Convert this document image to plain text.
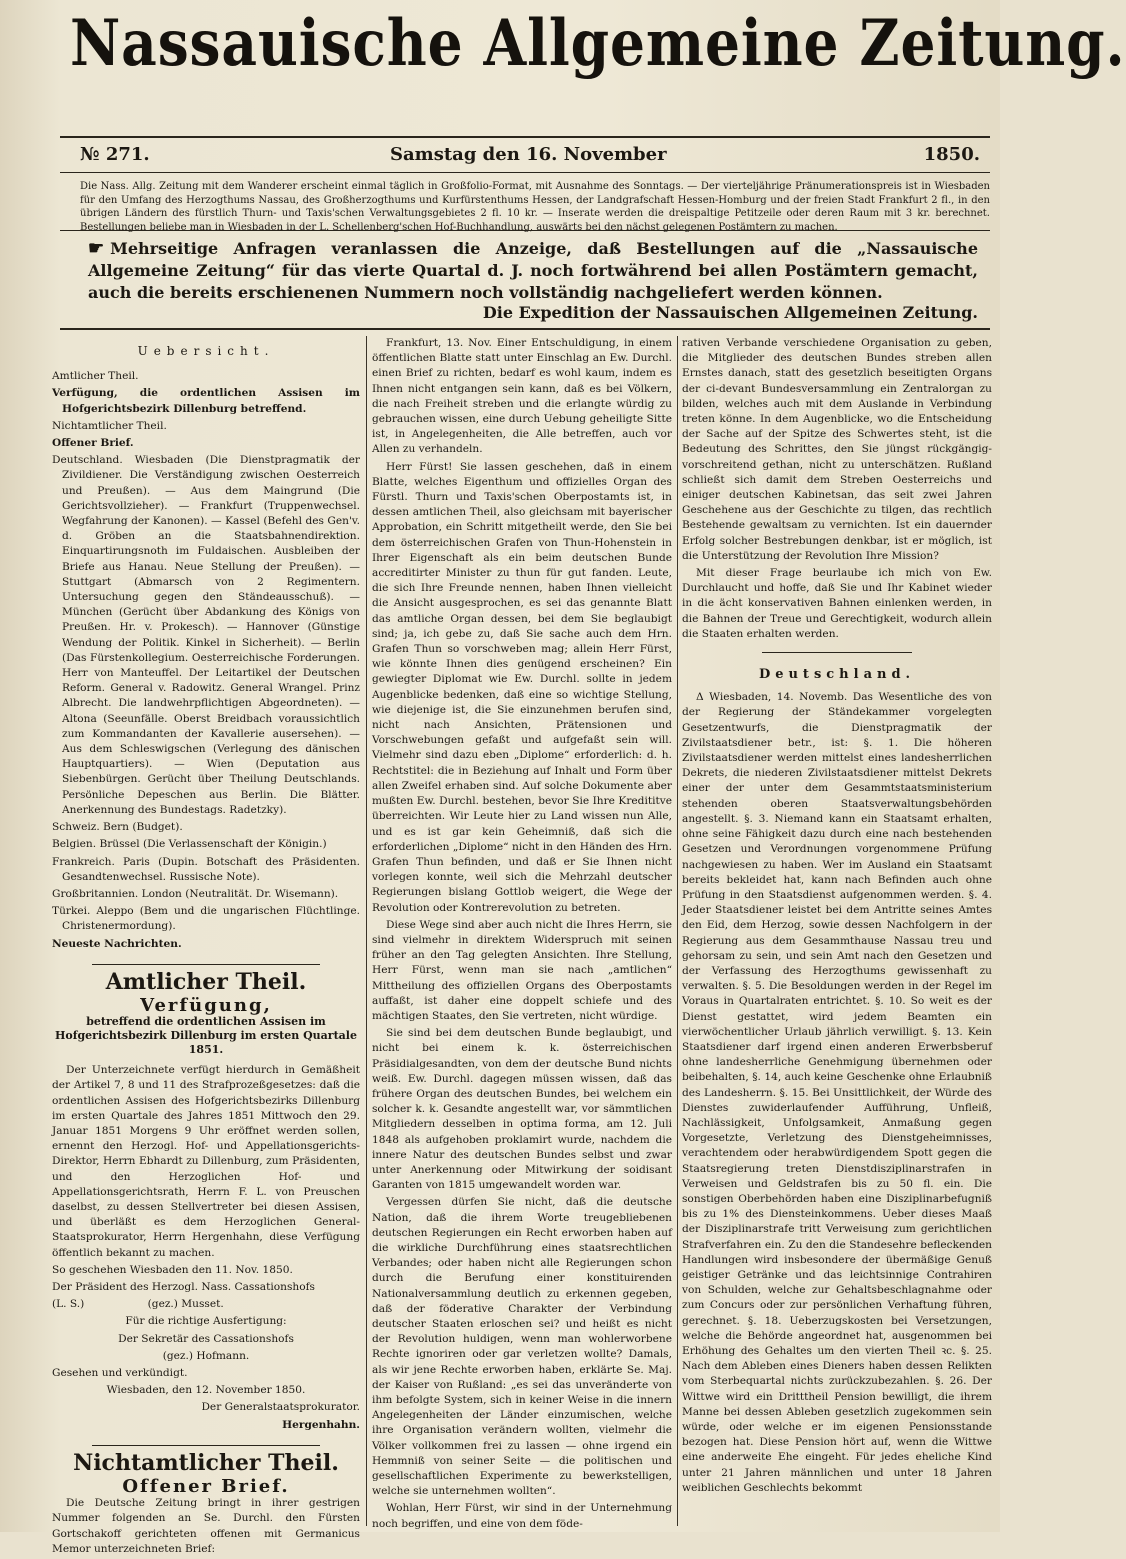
Nassauische Allgemeine Zeitung.
№ 271.	Samstag den 16. November	1850.
Die Nass. Allg. Zeitung mit dem Wanderer erscheint einmal täglich in Großfolio-Format, mit Ausnahme des Sonntags. — Der vierteljährige Pränumerationspreis ist in Wiesbaden für den Umfang des Herzogthums Nassau, des Großherzogthums und Kurfürstenthums Hessen, der Landgrafschaft Hessen-Homburg und der freien Stadt Frankfurt 2 fl., in den übrigen Ländern des fürstlich Thurn- und Taxis'schen Verwaltungsgebietes 2 fl. 10 kr. — Inserate werden die dreispaltige Petitzeile oder deren Raum mit 3 kr. berechnet. Bestellungen beliebe man in Wiesbaden in der L. Schellenberg'schen Hof-Buchhandlung, auswärts bei den nächst gelegenen Postämtern zu machen.
☛ Mehrseitige Anfragen veranlassen die Anzeige, daß Bestellungen auf die „Nassauische Allgemeine Zeitung“ für das vierte Quartal d. J. noch fortwährend bei allen Postämtern gemacht, auch die bereits erschienenen Nummern noch vollständig nachgeliefert werden können.
Die Expedition der Nassauischen Allgemeinen Zeitung.
Uebersicht.

Amtlicher Theil.

Verfügung, die ordentlichen Assisen im Hofgerichtsbezirk Dillenburg betreffend.

Nichtamtlicher Theil.

Offener Brief.

Deutschland. Wiesbaden (Die Dienstpragmatik der Zivildiener. Die Verständigung zwischen Oesterreich und Preußen). — Aus dem Maingrund (Die Gerichtsvollzieher). — Frankfurt (Truppenwechsel. Wegfahrung der Kanonen). — Kassel (Befehl des Gen'v. d. Gröben an die Staatsbahnendirektion. Einquartirungsnoth im Fuldaischen. Ausbleiben der Briefe aus Hanau. Neue Stellung der Preußen). — Stuttgart (Abmarsch von 2 Regimentern. Untersuchung gegen den Ständeausschuß). — München (Gerücht über Abdankung des Königs von Preußen. Hr. v. Prokesch). — Hannover (Günstige Wendung der Politik. Kinkel in Sicherheit). — Berlin (Das Fürstenkollegium. Oesterreichische Forderungen. Herr von Manteuffel. Der Leitartikel der Deutschen Reform. General v. Radowitz. General Wrangel. Prinz Albrecht. Die landwehrpflichtigen Abgeordneten). — Altona (Seeunfälle. Oberst Breidbach voraussichtlich zum Kommandanten der Kavallerie ausersehen). — Aus dem Schleswigschen (Verlegung des dänischen Hauptquartiers). — Wien (Deputation aus Siebenbürgen. Gerücht über Theilung Deutschlands. Persönliche Depeschen aus Berlin. Die Blätter. Anerkennung des Bundestags. Radetzky).

Schweiz. Bern (Budget).

Belgien. Brüssel (Die Verlassenschaft der Königin.)

Frankreich. Paris (Dupin. Botschaft des Präsidenten. Gesandtenwechsel. Russische Note).

Großbritannien. London (Neutralität. Dr. Wisemann).

Türkei. Aleppo (Bem und die ungarischen Flüchtlinge. Christenermordung).

Neueste Nachrichten.

Amtlicher Theil.
Verfügung,
betreffend die ordentlichen Assisen im Hofgerichtsbezirk Dillenburg im ersten Quartale 1851.

Der Unterzeichnete verfügt hierdurch in Gemäßheit der Artikel 7, 8 und 11 des Strafprozeßgesetzes: daß die ordentlichen Assisen des Hofgerichtsbezirks Dillenburg im ersten Quartale des Jahres 1851 Mittwoch den 29. Januar 1851 Morgens 9 Uhr eröffnet werden sollen, ernennt den Herzogl. Hof- und Appellationsgerichts-Direktor, Herrn Ebhardt zu Dillenburg, zum Präsidenten, und den Herzoglichen Hof- und Appellationsgerichtsrath, Herrn F. L. von Preuschen daselbst, zu dessen Stellvertreter bei diesen Assisen, und überläßt es dem Herzoglichen General-Staatsprokurator, Herrn Hergenhahn, diese Verfügung öffentlich bekannt zu machen.

So geschehen Wiesbaden den 11. Nov. 1850.

Der Präsident des Herzogl. Nass. Cassationshofs

(L. S.)	(gez.) Musset.

Für die richtige Ausfertigung:

Der Sekretär des Cassationshofs

(gez.) Hofmann.

Gesehen und verkündigt.

Wiesbaden, den 12. November 1850.

Der Generalstaatsprokurator.

Hergenhahn.

Nichtamtlicher Theil.
Offener Brief.

Die Deutsche Zeitung bringt in ihrer gestrigen Nummer folgenden an Se. Durchl. den Fürsten Gortschakoff gerichteten offenen mit Germanicus Memor unterzeichneten Brief:

Frankfurt, 13. Nov. Einer Entschuldigung, in einem öffentlichen Blatte statt unter Einschlag an Ew. Durchl. einen Brief zu richten, bedarf es wohl kaum, indem es Ihnen nicht entgangen sein kann, daß es bei Völkern, die nach Freiheit streben und die erlangte würdig zu gebrauchen wissen, eine durch Uebung geheiligte Sitte ist, in Angelegenheiten, die Alle betreffen, auch vor Allen zu verhandeln.

Herr Fürst! Sie lassen geschehen, daß in einem Blatte, welches Eigenthum und offizielles Organ des Fürstl. Thurn und Taxis'schen Oberpostamts ist, in dessen amtlichen Theil, also gleichsam mit bayerischer Approbation, ein Schritt mitgetheilt werde, den Sie bei dem österreichischen Grafen von Thun-Hohenstein in Ihrer Eigenschaft als ein beim deutschen Bunde accreditirter Minister zu thun für gut fanden. Leute, die sich Ihre Freunde nennen, haben Ihnen vielleicht die Ansicht ausgesprochen, es sei das genannte Blatt das amtliche Organ dessen, bei dem Sie beglaubigt sind; ja, ich gebe zu, daß Sie sache auch dem Hrn. Grafen Thun so vorschweben mag; allein Herr Fürst, wie könnte Ihnen dies genügend erscheinen? Ein gewiegter Diplomat wie Ew. Durchl. sollte in jedem Augenblicke bedenken, daß eine so wichtige Stellung, wie diejenige ist, die Sie einzunehmen berufen sind, nicht nach Ansichten, Prätensionen und Vorschwebungen gefaßt und aufgefaßt sein will. Vielmehr sind dazu eben „Diplome“ erforderlich: d. h. Rechtstitel: die in Beziehung auf Inhalt und Form über allen Zweifel erhaben sind. Auf solche Dokumente aber mußten Ew. Durchl. bestehen, bevor Sie Ihre Kredititve überreichten. Wir Leute hier zu Land wissen nun Alle, und es ist gar kein Geheimniß, daß sich die erforderlichen „Diplome“ nicht in den Händen des Hrn. Grafen Thun befinden, und daß er Sie Ihnen nicht vorlegen konnte, weil sich die Mehrzahl deutscher Regierungen bislang Gottlob weigert, die Wege der Revolution oder Kontrerevolution zu betreten.

Diese Wege sind aber auch nicht die Ihres Herrn, sie sind vielmehr in direktem Widerspruch mit seinen früher an den Tag gelegten Ansichten. Ihre Stellung, Herr Fürst, wenn man sie nach „amtlichen“ Mittheilung des offiziellen Organs des Oberpostamts auffaßt, ist daher eine doppelt schiefe und des mächtigen Staates, den Sie vertreten, nicht würdige.

Sie sind bei dem deutschen Bunde beglaubigt, und nicht bei einem k. k. österreichischen Präsidialgesandten, von dem der deutsche Bund nichts weiß. Ew. Durchl. dagegen müssen wissen, daß das frühere Organ des deutschen Bundes, bei welchem ein solcher k. k. Gesandte angestellt war, vor sämmtlichen Mitgliedern desselben in optima forma, am 12. Juli 1848 als aufgehoben proklamirt wurde, nachdem die innere Natur des deutschen Bundes selbst und zwar unter Anerkennung oder Mitwirkung der soidisant Garanten von 1815 umgewandelt worden war.

Vergessen dürfen Sie nicht, daß die deutsche Nation, daß die ihrem Worte treugebliebenen deutschen Regierungen ein Recht erworben haben auf die wirkliche Durchführung eines staatsrechtlichen Verbandes; oder haben nicht alle Regierungen schon durch die Berufung einer konstituirenden Nationalversammlung deutlich zu erkennen gegeben, daß der föderative Charakter der Verbindung deutscher Staaten erloschen sei? und heißt es nicht der Revolution huldigen, wenn man wohlerworbene Rechte ignoriren oder gar verletzen wollte? Damals, als wir jene Rechte erworben haben, erklärte Se. Maj. der Kaiser von Rußland: „es sei das unveränderte von ihm befolgte System, sich in keiner Weise in die innern Angelegenheiten der Länder einzumischen, welche ihre Organisation verändern wollten, vielmehr die Völker vollkommen frei zu lassen — ohne irgend ein Hemmniß von seiner Seite — die politischen und gesellschaftlichen Experimente zu bewerkstelligen, welche sie unternehmen wollten“.

Wohlan, Herr Fürst, wir sind in der Unternehmung noch begriffen, und eine von dem föde-

rativen Verbande verschiedene Organisation zu geben, die Mitglieder des deutschen Bundes streben allen Ernstes danach, statt des gesetzlich beseitigten Organs der ci-devant Bundesversammlung ein Zentralorgan zu bilden, welches auch mit dem Auslande in Verbindung treten könne. In dem Augenblicke, wo die Entscheidung der Sache auf der Spitze des Schwertes steht, ist die Bedeutung des Schrittes, den Sie jüngst rückgängig-vorschreitend gethan, nicht zu unterschätzen. Rußland schließt sich damit dem Streben Oesterreichs und einiger deutschen Kabinetsan, das seit zwei Jahren Geschehene aus der Geschichte zu tilgen, das rechtlich Bestehende gewaltsam zu vernichten. Ist ein dauernder Erfolg solcher Bestrebungen denkbar, ist er möglich, ist die Unterstützung der Revolution Ihre Mission?

Mit dieser Frage beurlaube ich mich von Ew. Durchlaucht und hoffe, daß Sie und Ihr Kabinet wieder in die ächt konservativen Bahnen einlenken werden, in die Bahnen der Treue und Gerechtigkeit, wodurch allein die Staaten erhalten werden.

Deutschland.

Δ Wiesbaden, 14. Novemb. Das Wesentliche des von der Regierung der Ständekammer vorgelegten Gesetzentwurfs, die Dienstpragmatik der Zivilstaatsdiener betr., ist: §. 1. Die höheren Zivilstaatsdiener werden mittelst eines landesherrlichen Dekrets, die niederen Zivilstaatsdiener mittelst Dekrets einer der unter dem Gesammtstaatsministerium stehenden oberen Staatsverwaltungsbehörden angestellt. §. 3. Niemand kann ein Staatsamt erhalten, ohne seine Fähigkeit dazu durch eine nach bestehenden Gesetzen und Verordnungen vorgenommene Prüfung nachgewiesen zu haben. Wer im Ausland ein Staatsamt bereits bekleidet hat, kann nach Befinden auch ohne Prüfung in den Staatsdienst aufgenommen werden. §. 4. Jeder Staatsdiener leistet bei dem Antritte seines Amtes den Eid, dem Herzog, sowie dessen Nachfolgern in der Regierung aus dem Gesammthause Nassau treu und gehorsam zu sein, und sein Amt nach den Gesetzen und der Verfassung des Herzogthums gewissenhaft zu verwalten. §. 5. Die Besoldungen werden in der Regel im Voraus in Quartalraten entrichtet. §. 10. So weit es der Dienst gestattet, wird jedem Beamten ein vierwöchentlicher Urlaub jährlich verwilligt. §. 13. Kein Staatsdiener darf irgend einen anderen Erwerbsberuf ohne landesherrliche Genehmigung übernehmen oder beibehalten, §. 14, auch keine Geschenke ohne Erlaubniß des Landesherrn. §. 15. Bei Unsittlichkeit, der Würde des Dienstes zuwiderlaufender Aufführung, Unfleiß, Nachlässigkeit, Unfolgsamkeit, Anmaßung gegen Vorgesetzte, Verletzung des Dienstgeheimnisses, verachtendem oder herabwürdigendem Spott gegen die Staatsregierung treten Dienstdisziplinarstrafen in Verweisen und Geldstrafen bis zu 50 fl. ein. Die sonstigen Oberbehörden haben eine Disziplinarbefugniß bis zu 1% des Diensteinkommens. Ueber dieses Maaß der Disziplinarstrafe tritt Verweisung zum gerichtlichen Strafverfahren ein. Zu den die Standesehre befleckenden Handlungen wird insbesondere der übermäßige Genuß geistiger Getränke und das leichtsinnige Contrahiren von Schulden, welche zur Gehaltsbeschlagnahme oder zum Concurs oder zur persönlichen Verhaftung führen, gerechnet. §. 18. Ueberzugskosten bei Versetzungen, welche die Behörde angeordnet hat, ausgenommen bei Erhöhung des Gehaltes um den vierten Theil ꝛc. §. 25. Nach dem Ableben eines Dieners haben dessen Relikten vom Sterbequartal nichts zurückzubezahlen. §. 26. Der Wittwe wird ein Dritttheil Pension bewilligt, die ihrem Manne bei dessen Ableben gesetzlich zugekommen sein würde, oder welche er im eigenen Pensionsstande bezogen hat. Diese Pension hört auf, wenn die Wittwe eine anderweite Ehe eingeht. Für jedes eheliche Kind unter 21 Jahren männlichen und unter 18 Jahren weiblichen Geschlechts bekommt
